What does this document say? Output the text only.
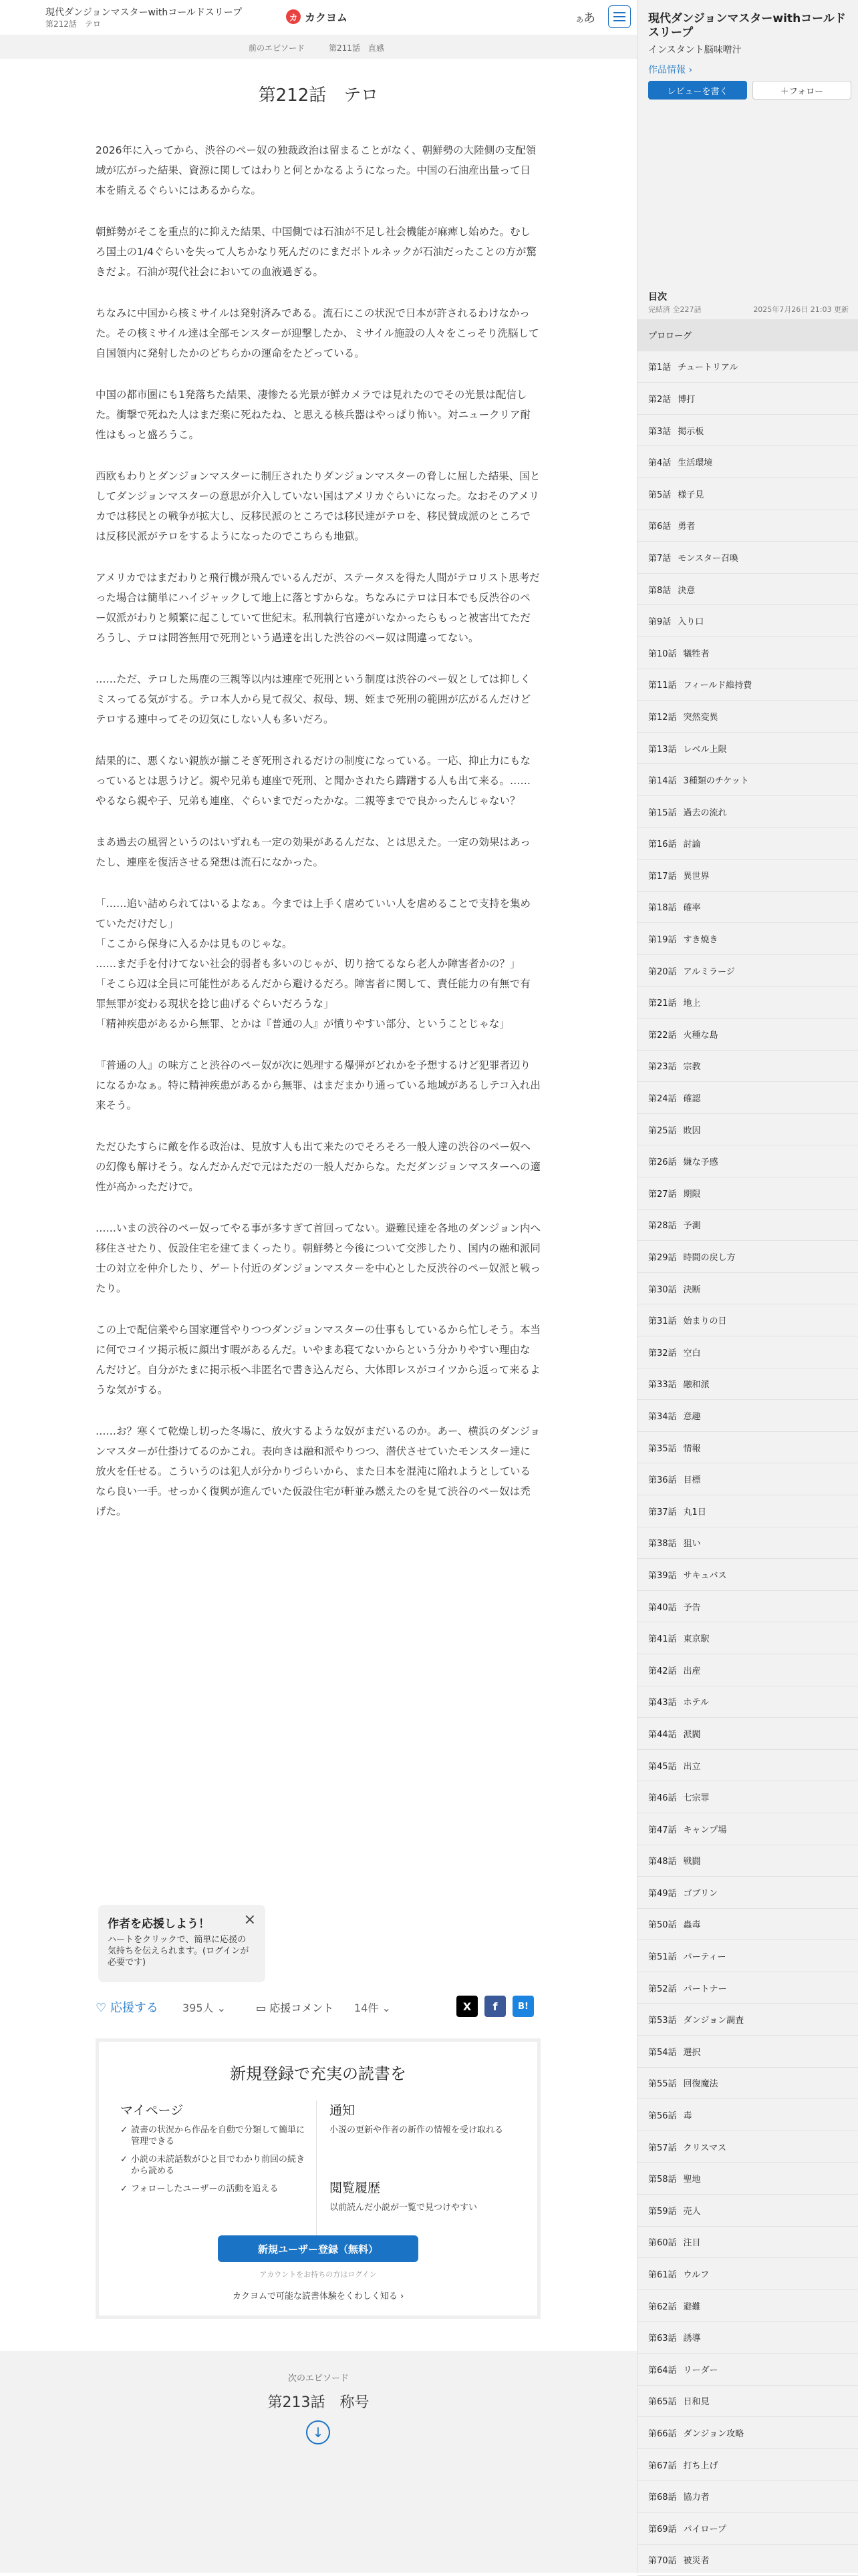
現代ダンジョンマスターwithコールドスリープ
第212話　テロ
カ カクヨム	ああ
前のエピソード	第211話　直感
第212話　テロ

2026年に入ってから、渋谷のペー奴の独裁政治は留まることがなく、朝鮮勢の大陸側の支配領域が広がった結果、資源に関してはわりと何とかなるようになった。中国の石油産出量って日本を賄えるぐらいにはあるからな。

朝鮮勢がそこを重点的に抑えた結果、中国側では石油が不足し社会機能が麻痺し始めた。むしろ国土の1/4ぐらいを失って人ちかなり死んだのにまだボトルネックが石油だったことの方が驚きだよ。石油が現代社会においての血液過ぎる。

ちなみに中国から核ミサイルは発射済みである。流石にこの状況で日本が許されるわけなかった。その核ミサイル達は全部モンスターが迎撃したか、ミサイル施設の人々をこっそり洗脳して自国領内に発射したかのどちらかの運命をたどっている。

中国の都市圏にも1発落ちた結果、凄惨たる光景が鮮カメラでは見れたのでその光景は配信した。衝撃で死ねた人はまだ楽に死ねたね、と思える核兵器はやっぱり怖い。対ニュークリア耐性はもっと盛ろうこ。

西欧もわりとダンジョンマスターに制圧されたりダンジョンマスターの脅しに屈した結果、国としてダンジョンマスターの意思が介入していない国はアメリカぐらいになった。なおそのアメリカでは移民との戦争が拡大し、反移民派のところでは移民達がテロを、移民賛成派のところでは反移民派がテロをするようになったのでこちらも地獄。

アメリカではまだわりと飛行機が飛んでいるんだが、ステータスを得た人間がテロリスト思考だった場合は簡単にハイジャックして地上に落とすからな。ちなみにテロは日本でも反渋谷のペー奴派がわりと頻繁に起こしていて世紀末。私刑執行官達がいなかったらもっと被害出てただろうし、テロは問答無用で死刑という過達を出した渋谷のペー奴は間違ってない。

……ただ、テロした馬鹿の三親等以内は連座で死刑という制度は渋谷のペー奴としては抑しくミスってる気がする。テロ本人から見て叔父、叔母、甥、姪まで死刑の範囲が広がるんだけどテロする連中ってその辺気にしない人も多いだろ。

結果的に、悪くない親族が揃こそぎ死刑されるだけの制度になっている。一応、抑止力にもなっているとは思うけど。親や兄弟も連座で死刑、と聞かされたら躊躇する人も出て来る。……やるなら親や子、兄弟も連座、ぐらいまでだったかな。二親等までで良かったんじゃない？

まあ過去の風習というのはいずれも一定の効果があるんだな、とは思えた。一定の効果はあったし、連座を復活させる発想は流石になかった。

「……追い詰められてはいるよなぁ。今までは上手く虐めていい人を虐めることで支持を集めていただけだし」
「ここから保身に入るかは見ものじゃな。
……まだ手を付けてない社会的弱者も多いのじゃが、切り捨てるなら老人か障害者かの？」
「そこら辺は全員に可能性があるんだから避けるだろ。障害者に関して、責任能力の有無で有罪無罪が変わる現状を捻じ曲げるぐらいだろうな」
「精神疾患があるから無罪、とかは『普通の人』が憤りやすい部分、ということじゃな」

『普通の人』の味方こと渋谷のペー奴が次に処理する爆弾がどれかを予想するけど犯罪者辺りになるかなぁ。特に精神疾患があるから無罪、はまだまかり通っている地域があるしテコ入れ出来そう。

ただひたすらに敵を作る政治は、見放す人も出て来たのでそろそろ一般人達の渋谷のペー奴への幻像も解けそう。なんだかんだで元はただの一般人だからな。ただダンジョンマスターへの適性が高かっただけで。

……いまの渋谷のペー奴ってやる事が多すぎて首回ってない。避難民達を各地のダンジョン内へ移住させたり、仮設住宅を建てまくったり。朝鮮勢と今後について交渉したり、国内の融和派同士の対立を仲介したり、ゲート付近のダンジョンマスターを中心とした反渋谷のペー奴派と戦ったり。

この上で配信業やら国家運営やりつつダンジョンマスターの仕事もしているから忙しそう。本当に何でコイツ掲示板に顔出す暇があるんだ。いやまあ寝てないからという分かりやすい理由なんだけど。自分がたまに掲示板へ非匿名で書き込んだら、大体即レスがコイツから返って来るような気がする。

……お？寒くて乾燥し切った冬場に、放火するような奴がまだいるのか。あー、横浜のダンジョンマスターが仕掛けてるのかこれ。表向きは融和派やりつつ、潜伏させていたモンスター達に放火を任せる。こういうのは犯人が分かりづらいから、また日本を混沌に陥れようとしているなら良い一手。せっかく復興が進んでいた仮設住宅が軒並み燃えたのを見て渋谷のペー奴は禿げた。

作者を応援しよう！ ×
ハートをクリックで、簡単に応援の気持ちを伝えられます。(ログインが必要です)
♡ 応援する 395人 ⌄	▭ 応援コメント 14件 ⌄	X	f	B!
新規登録で充実の読書を
マイページ
✓ 読書の状況から作品を自動で分類して簡単に管理できる
✓ 小説の未読話数がひと目でわかり前回の続きから読める
✓ フォローしたユーザーの活動を追える
通知
小説の更新や作者の新作の情報を受け取れる
閲覧履歴
以前読んだ小説が一覧で見つけやすい
新規ユーザー登録（無料）
アカウントをお持ちの方はログイン
カクヨムで可能な読書体験をくわしく知る ›
次のエピソード
第213話　称号
↓
現代ダンジョンマスターwithコールドスリープ
インスタント脳味噌汁
作品情報 ›
レビューを書く	＋フォロー
目次
完結済 全227話	2025年7月26日 21:03 更新
プロローグ
第1話 チュートリアル
第2話 博打
第3話 掲示板
第4話 生活環境
第5話 様子見
第6話 勇者
第7話 モンスター召喚
第8話 決意
第9話 入り口
第10話 犠牲者
第11話 フィールド維持費
第12話 突然変異
第13話 レベル上限
第14話 3種類のチケット
第15話 過去の流れ
第16話 討論
第17話 異世界
第18話 確率
第19話 すき焼き
第20話 アルミラージ
第21話 地上
第22話 火種な島
第23話 宗教
第24話 確認
第25話 敗因
第26話 嫌な予感
第27話 期限
第28話 予測
第29話 時間の戻し方
第30話 決断
第31話 始まりの日
第32話 空白
第33話 融和派
第34話 意趣
第35話 情報
第36話 目標
第37話 丸1日
第38話 狙い
第39話 サキュバス
第40話 予告
第41話 東京駅
第42話 出産
第43話 ホテル
第44話 派閥
第45話 出立
第46話 七宗罪
第47話 キャンプ場
第48話 戦闘
第49話 ゴブリン
第50話 蟲毒
第51話 パーティー
第52話 パートナー
第53話 ダンジョン調査
第54話 選択
第55話 回復魔法
第56話 毒
第57話 クリスマス
第58話 聖地
第59話 売人
第60話 注目
第61話 ウルフ
第62話 避難
第63話 誘導
第64話 リーダー
第65話 日和見
第66話 ダンジョン攻略
第67話 打ち上げ
第68話 協力者
第69話 パイロープ
第70話 被災者
